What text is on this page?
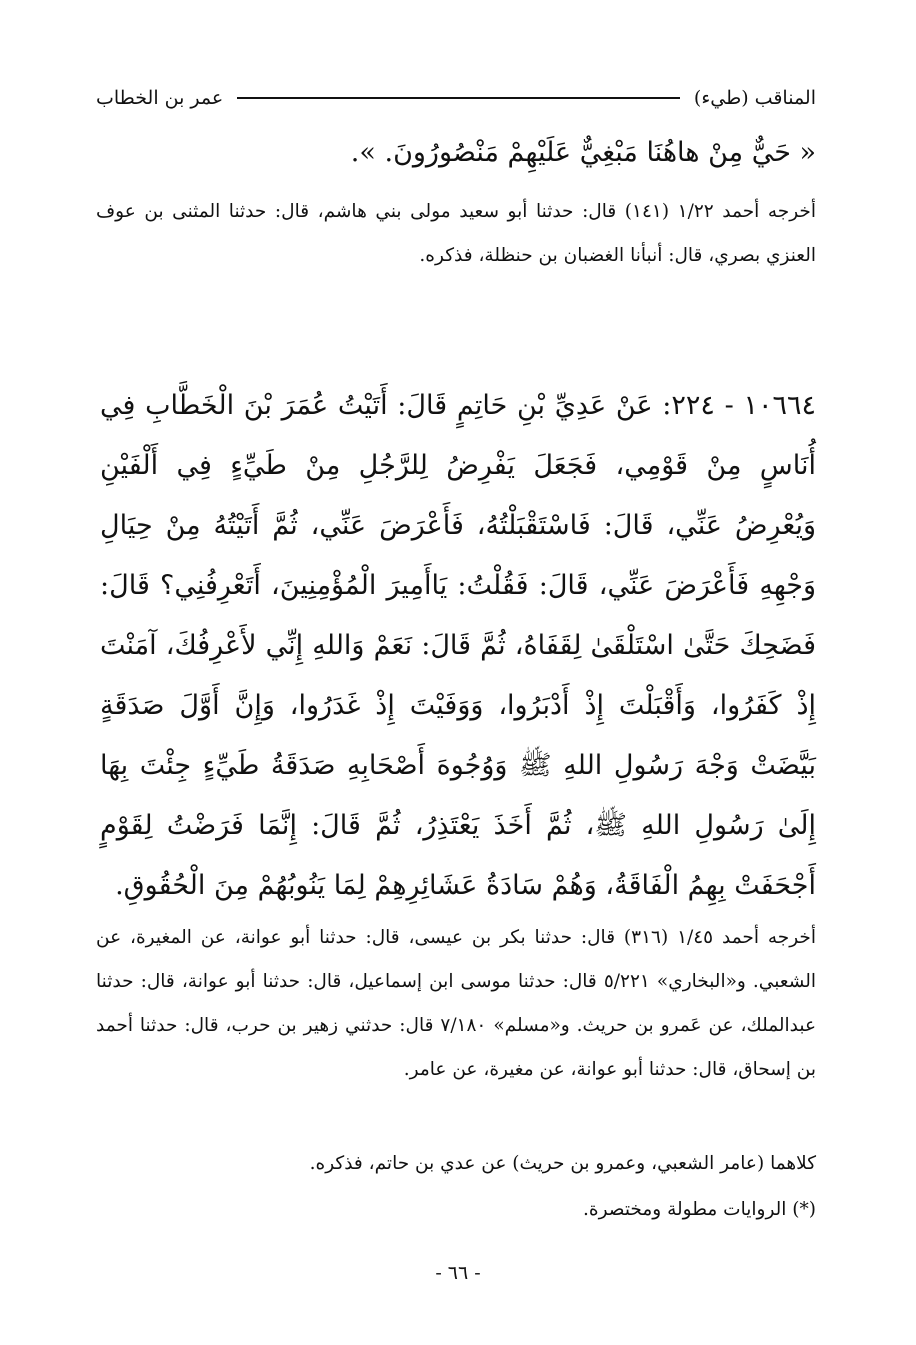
المناقب (طيء)
عمر بن الخطاب

« حَيٌّ مِنْ هاهُنَا مَبْغِيٌّ عَلَيْهِمْ مَنْصُورُونَ. ».

أخرجه أحمد ١/٢٢ (١٤١) قال: حدثنا أبو سعيد مولى بني هاشم، قال: حدثنا المثنى بن عوف العنزي بصري، قال: أنبأنا الغضبان بن حنظلة، فذكره.

١٠٦٦٤ - ٢٢٤: عَنْ عَدِيِّ بْنِ حَاتِمٍ قَالَ: أَتَيْتُ عُمَرَ بْنَ الْخَطَّابِ فِي أُنَاسٍ مِنْ قَوْمِي، فَجَعَلَ يَفْرِضُ لِلرَّجُلِ مِنْ طَيِّءٍ فِي أَلْفَيْنِ وَيُعْرِضُ عَنِّي، قَالَ: فَاسْتَقْبَلْتُهُ، فَأَعْرَضَ عَنِّي، ثُمَّ أَتَيْتُهُ مِنْ حِيَالِ وَجْهِهِ فَأَعْرَضَ عَنِّي، قَالَ: فَقُلْتُ: يَاأَمِيرَ الْمُؤْمِنِينَ، أَتَعْرِفُنِي؟ قَالَ: فَضَحِكَ حَتَّىٰ اسْتَلْقَىٰ لِقَفَاهُ، ثُمَّ قَالَ: نَعَمْ وَاللهِ إِنِّي لأَعْرِفُكَ، آمَنْتَ إِذْ كَفَرُوا، وَأَقْبَلْتَ إِذْ أَدْبَرُوا، وَوَفَيْتَ إِذْ غَدَرُوا، وَإِنَّ أَوَّلَ صَدَقَةٍ بَيَّضَتْ وَجْهَ رَسُولِ اللهِ ﷺ وَوُجُوهَ أَصْحَابِهِ صَدَقَةُ طَيِّءٍ جِئْتَ بِهَا إِلَىٰ رَسُولِ اللهِ ﷺ، ثُمَّ أَخَذَ يَعْتَذِرُ، ثُمَّ قَالَ: إِنَّمَا فَرَضْتُ لِقَوْمٍ أَجْحَفَتْ بِهِمُ الْفَاقَةُ، وَهُمْ سَادَةُ عَشَائِرِهِمْ لِمَا يَنُوبُهُمْ مِنَ الْحُقُوقِ.

أخرجه أحمد ١/٤٥ (٣١٦) قال: حدثنا بكر بن عيسى، قال: حدثنا أبو عوانة، عن المغيرة، عن الشعبي. و«البخاري» ٥/٢٢١ قال: حدثنا موسى ابن إسماعيل، قال: حدثنا أبو عوانة، قال: حدثنا عبدالملك، عن عَمرو بن حريث. و«مسلم» ٧/١٨٠ قال: حدثني زهير بن حرب، قال: حدثنا أحمد بن إسحاق، قال: حدثنا أبو عوانة، عن مغيرة، عن عامر.

كلاهما (عامر الشعبي، وعمرو بن حريث) عن عدي بن حاتم، فذكره.

(*) الروايات مطولة ومختصرة.

- ٦٦ -
